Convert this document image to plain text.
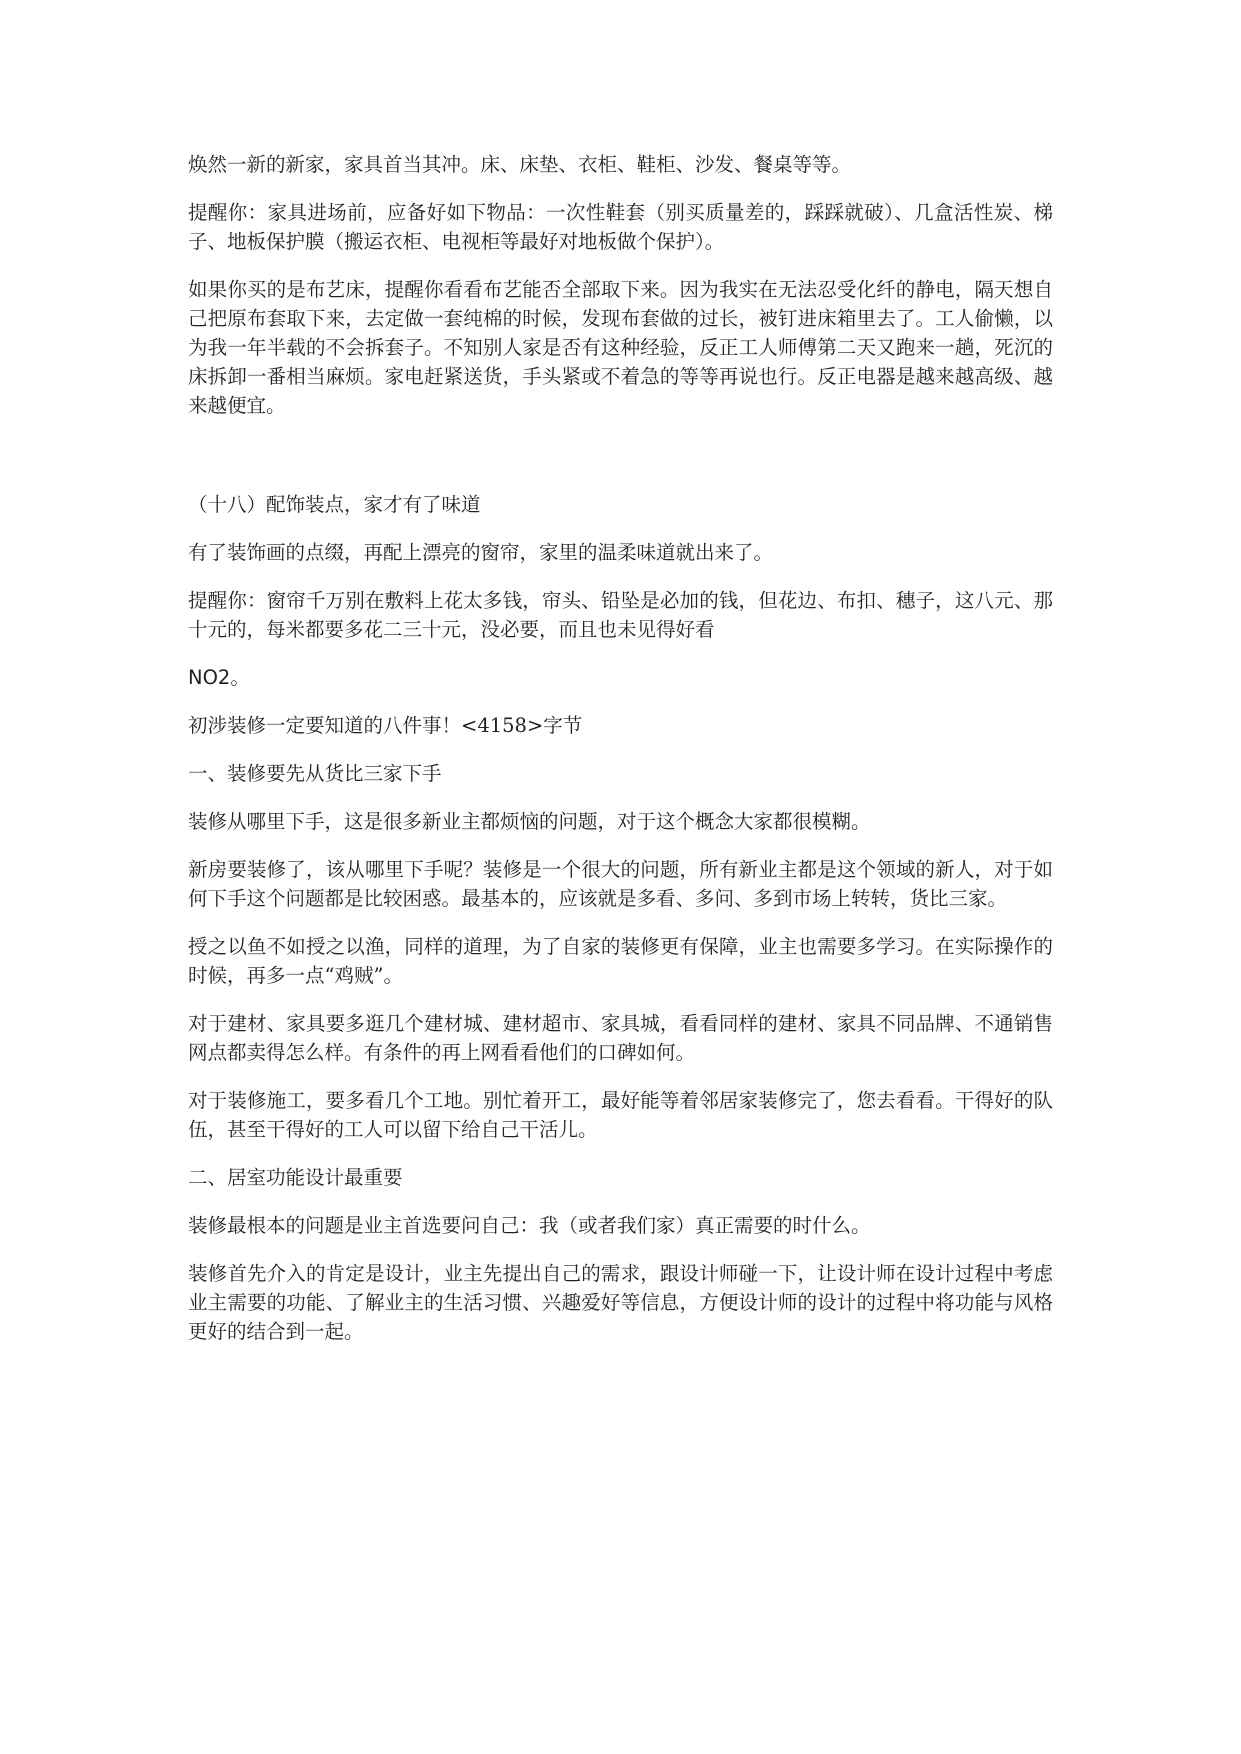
焕然一新的新家，家具首当其冲。床、床垫、衣柜、鞋柜、沙发、餐桌等等。

提醒你：家具进场前，应备好如下物品：一次性鞋套（别买质量差的，踩踩就破）、几盒活性炭、梯子、地板保护膜（搬运衣柜、电视柜等最好对地板做个保护）。

如果你买的是布艺床，提醒你看看布艺能否全部取下来。因为我实在无法忍受化纤的静电，隔天想自己把原布套取下来，去定做一套纯棉的时候，发现布套做的过长，被钉进床箱里去了。工人偷懒，以为我一年半载的不会拆套子。不知别人家是否有这种经验，反正工人师傅第二天又跑来一趟，死沉的床拆卸一番相当麻烦。家电赶紧送货，手头紧或不着急的等等再说也行。反正电器是越来越高级、越来越便宜。

（十八）配饰装点，家才有了味道

有了装饰画的点缀，再配上漂亮的窗帘，家里的温柔味道就出来了。

提醒你：窗帘千万别在敷料上花太多钱，帘头、铅坠是必加的钱，但花边、布扣、穗子，这八元、那十元的，每米都要多花二三十元，没必要，而且也未见得好看

NO2。

初涉装修一定要知道的八件事！<4158>字节

一、装修要先从货比三家下手

装修从哪里下手，这是很多新业主都烦恼的问题，对于这个概念大家都很模糊。

新房要装修了，该从哪里下手呢？装修是一个很大的问题，所有新业主都是这个领域的新人，对于如何下手这个问题都是比较困惑。最基本的，应该就是多看、多问、多到市场上转转，货比三家。

授之以鱼不如授之以渔，同样的道理，为了自家的装修更有保障，业主也需要多学习。在实际操作的时候，再多一点“鸡贼”。

对于建材、家具要多逛几个建材城、建材超市、家具城，看看同样的建材、家具不同品牌、不通销售网点都卖得怎么样。有条件的再上网看看他们的口碑如何。

对于装修施工，要多看几个工地。别忙着开工，最好能等着邻居家装修完了，您去看看。干得好的队伍，甚至干得好的工人可以留下给自己干活儿。

二、居室功能设计最重要

装修最根本的问题是业主首选要问自己：我（或者我们家）真正需要的时什么。

装修首先介入的肯定是设计，业主先提出自己的需求，跟设计师碰一下，让设计师在设计过程中考虑业主需要的功能、了解业主的生活习惯、兴趣爱好等信息，方便设计师的设计的过程中将功能与风格更好的结合到一起。
